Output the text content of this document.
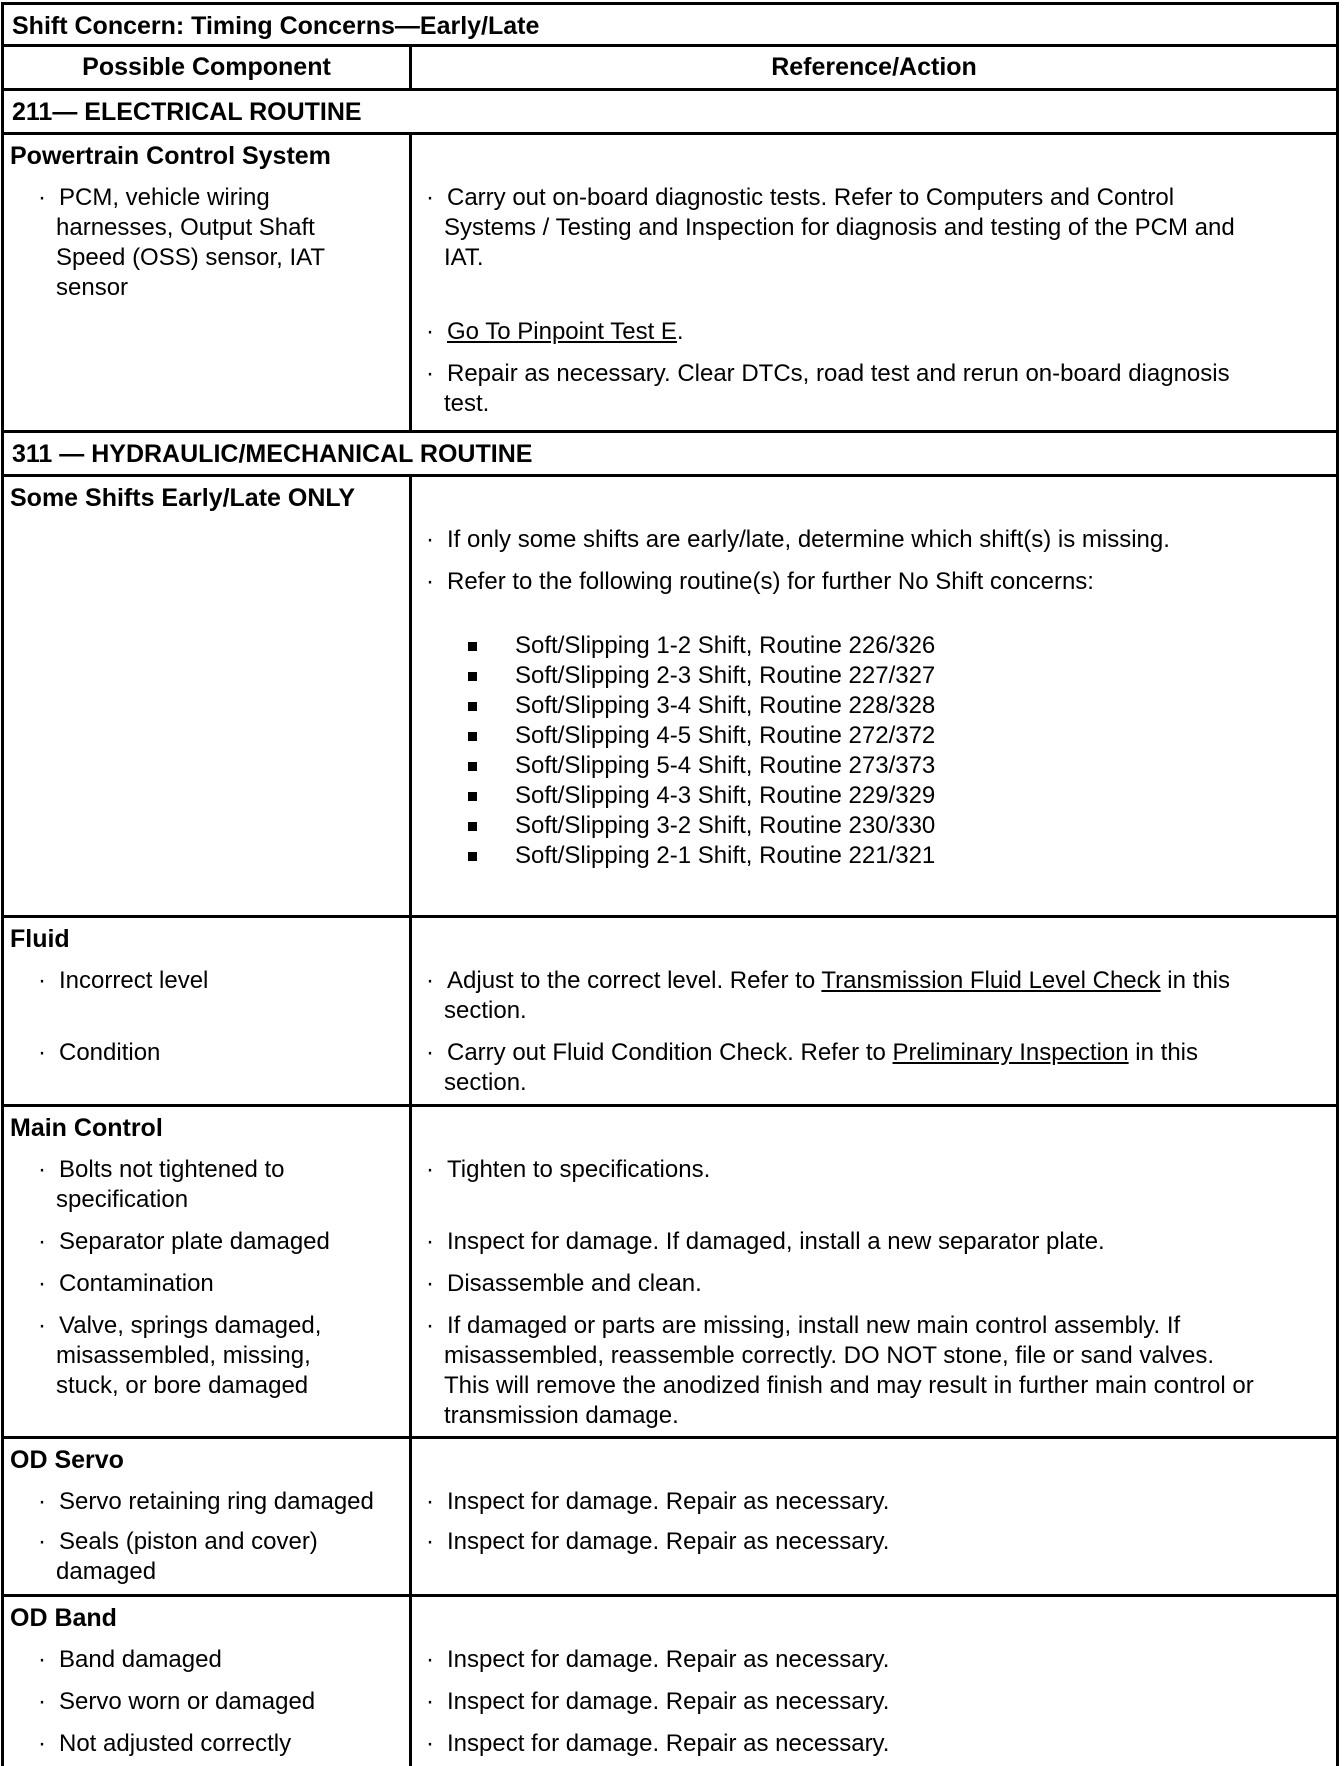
Shift Concern: Timing Concerns—Early/Late
Possible Component	Reference/Action
211— ELECTRICAL ROUTINE
Powertrain Control System
· PCM, vehicle wiring
harnesses, Output Shaft
Speed (OSS) sensor, IAT
sensor
· Carry out on-board diagnostic tests. Refer to Computers and Control
Systems / Testing and Inspection for diagnosis and testing of the PCM and
IAT.
· Go To Pinpoint Test E.
· Repair as necessary. Clear DTCs, road test and rerun on-board diagnosis
test.
311 — HYDRAULIC/MECHANICAL ROUTINE
Some Shifts Early/Late ONLY
· If only some shifts are early/late, determine which shift(s) is missing.
· Refer to the following routine(s) for further No Shift concerns:
Soft/Slipping 1-2 Shift, Routine 226/326
Soft/Slipping 2-3 Shift, Routine 227/327
Soft/Slipping 3-4 Shift, Routine 228/328
Soft/Slipping 4-5 Shift, Routine 272/372
Soft/Slipping 5-4 Shift, Routine 273/373
Soft/Slipping 4-3 Shift, Routine 229/329
Soft/Slipping 3-2 Shift, Routine 230/330
Soft/Slipping 2-1 Shift, Routine 221/321
Fluid
· Incorrect level
· Condition
· Adjust to the correct level. Refer to Transmission Fluid Level Check in this
section.
· Carry out Fluid Condition Check. Refer to Preliminary Inspection in this
section.
Main Control
· Bolts not tightened to
specification
· Separator plate damaged
· Contamination
· Valve, springs damaged,
misassembled, missing,
stuck, or bore damaged
· Tighten to specifications.
· Inspect for damage. If damaged, install a new separator plate.
· Disassemble and clean.
· If damaged or parts are missing, install new main control assembly. If
misassembled, reassemble correctly. DO NOT stone, file or sand valves.
This will remove the anodized finish and may result in further main control or
transmission damage.
OD Servo
· Servo retaining ring damaged
· Seals (piston and cover)
damaged
· Inspect for damage. Repair as necessary.
· Inspect for damage. Repair as necessary.
OD Band
· Band damaged
· Servo worn or damaged
· Not adjusted correctly
· Inspect for damage. Repair as necessary.
· Inspect for damage. Repair as necessary.
· Inspect for damage. Repair as necessary.
